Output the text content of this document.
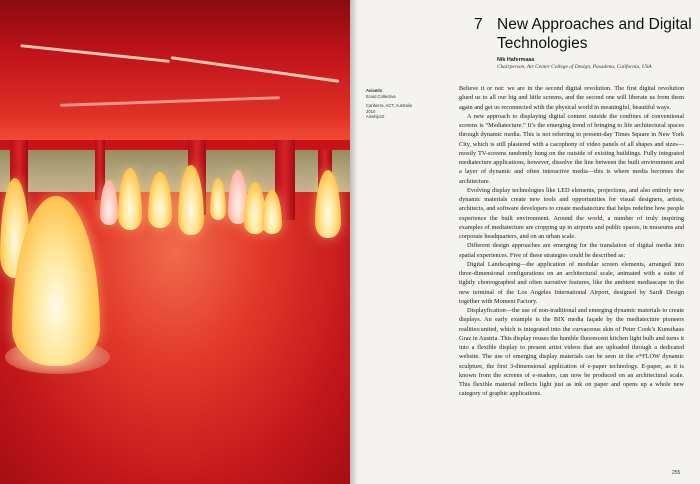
7 New Approaches and Digital Technologies
Nik Hafermaas
Chairperson, Art Center College of Design, Pasadena, California, USA
Aviantis
Ecoid Collective
Canberra, ACT, Australia
2010
Airwhip10

Believe it or not: we are in the second digital revolution. The first digital revolution glued us to all our big and little screens, and the second one will liberate us from them again and get us reconnected with the physical world in meaningful, beautiful ways.

A new approach to displaying digital content outside the confines of conventional screens is “Mediatecture.” It’s the emerging trend of bringing to life architectural spaces through dynamic media. This is not referring to present-day Times Square in New York City, which is still plastered with a cacophony of video panels of all shapes and sizes—mostly TV-screens randomly hung on the outside of existing buildings. Fully integrated mediatecture applications, however, dissolve the line between the built environment and a layer of dynamic and often interactive media—this is where media becomes the architecture.

Evolving display technologies like LED elements, projections, and also entirely new dynamic materials create new tools and opportunities for visual designers, artists, architects, and software developers to create mediatecture that helps redefine how people experience the built environment. Around the world, a number of truly inspiring examples of mediatecture are cropping up in airports and public spaces, in museums and corporate headquarters, and on an urban scale.

Different design approaches are emerging for the translation of digital media into spatial experiences. Five of these strategies could be described as:

Digital Landscaping—the application of modular screen elements, arranged into three-dimensional configurations on an architectural scale, animated with a suite of tightly choreographed and often narrative features, like the ambient mediascape in the new terminal of the Los Angeles International Airport, designed by Sardi Design together with Moment Factory.

Displayfication—the use of non-traditional and emerging dynamic materials to create displays. An early example is the BIX media façade by the mediatecture pioneers realities:united, which is integrated into the curvaceous skin of Peter Cook’s Kunsthaus Graz in Austria. This display reuses the humble fluorescent kitchen light bulb and turns it into a flexible display to present artist videos that are uploaded through a dedicated website. The use of emerging display materials can be seen in the e*FLOW dynamic sculpture, the first 3-dimensional application of e-paper technology. E-paper, as it is known from the screens of e-readers, can now be produced on an architectural scale. This flexible material reflects light just as ink on paper and opens up a whole new category of graphic applications.

255
